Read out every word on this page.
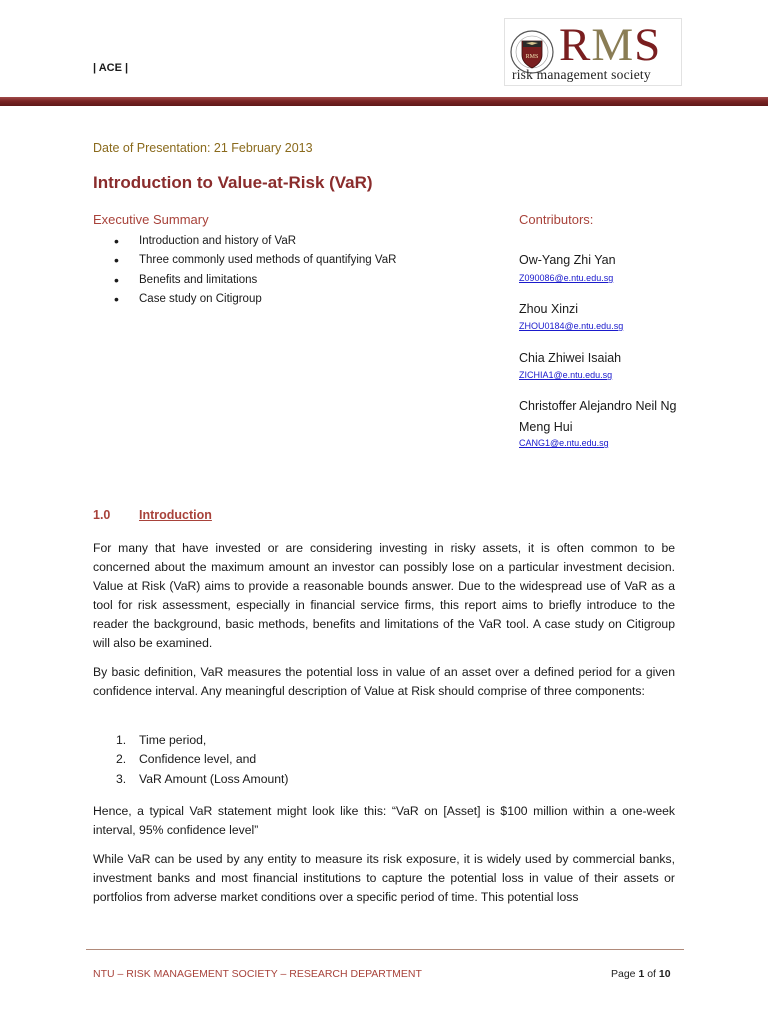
| ACE |
RMS RMS
risk management society
Date of Presentation: 21 February 2013
Introduction to Value-at-Risk (VaR)
Executive Summary
• Introduction and history of VaR
• Three commonly used methods of quantifying VaR
• Benefits and limitations
• Case study on Citigroup
Contributors:
Ow-Yang Zhi Yan
Z090086@e.ntu.edu.sg
Zhou Xinzi
ZHOU0184@e.ntu.edu.sg
Chia Zhiwei Isaiah
ZICHIA1@e.ntu.edu.sg
Christoffer Alejandro Neil Ng
Meng Hui
CANG1@e.ntu.edu.sg
1.0 Introduction

For many that have invested or are considering investing in risky assets, it is often common to be concerned about the maximum amount an investor can possibly lose on a particular investment decision. Value at Risk (VaR) aims to provide a reasonable bounds answer. Due to the widespread use of VaR as a tool for risk assessment, especially in financial service firms, this report aims to briefly introduce to the reader the background, basic methods, benefits and limitations of the VaR tool. A case study on Citigroup will also be examined.

By basic definition, VaR measures the potential loss in value of an asset over a defined period for a given confidence interval. Any meaningful description of Value at Risk should comprise of three components:

1. Time period,
2. Confidence level, and
3. VaR Amount (Loss Amount)

Hence, a typical VaR statement might look like this: “VaR on [Asset] is $100 million within a one-week interval, 95% confidence level”

While VaR can be used by any entity to measure its risk exposure, it is widely used by commercial banks, investment banks and most financial institutions to capture the potential loss in value of their assets or portfolios from adverse market conditions over a specific period of time. This potential loss

NTU – RISK MANAGEMENT SOCIETY – RESEARCH DEPARTMENT	Page 1 of 10
